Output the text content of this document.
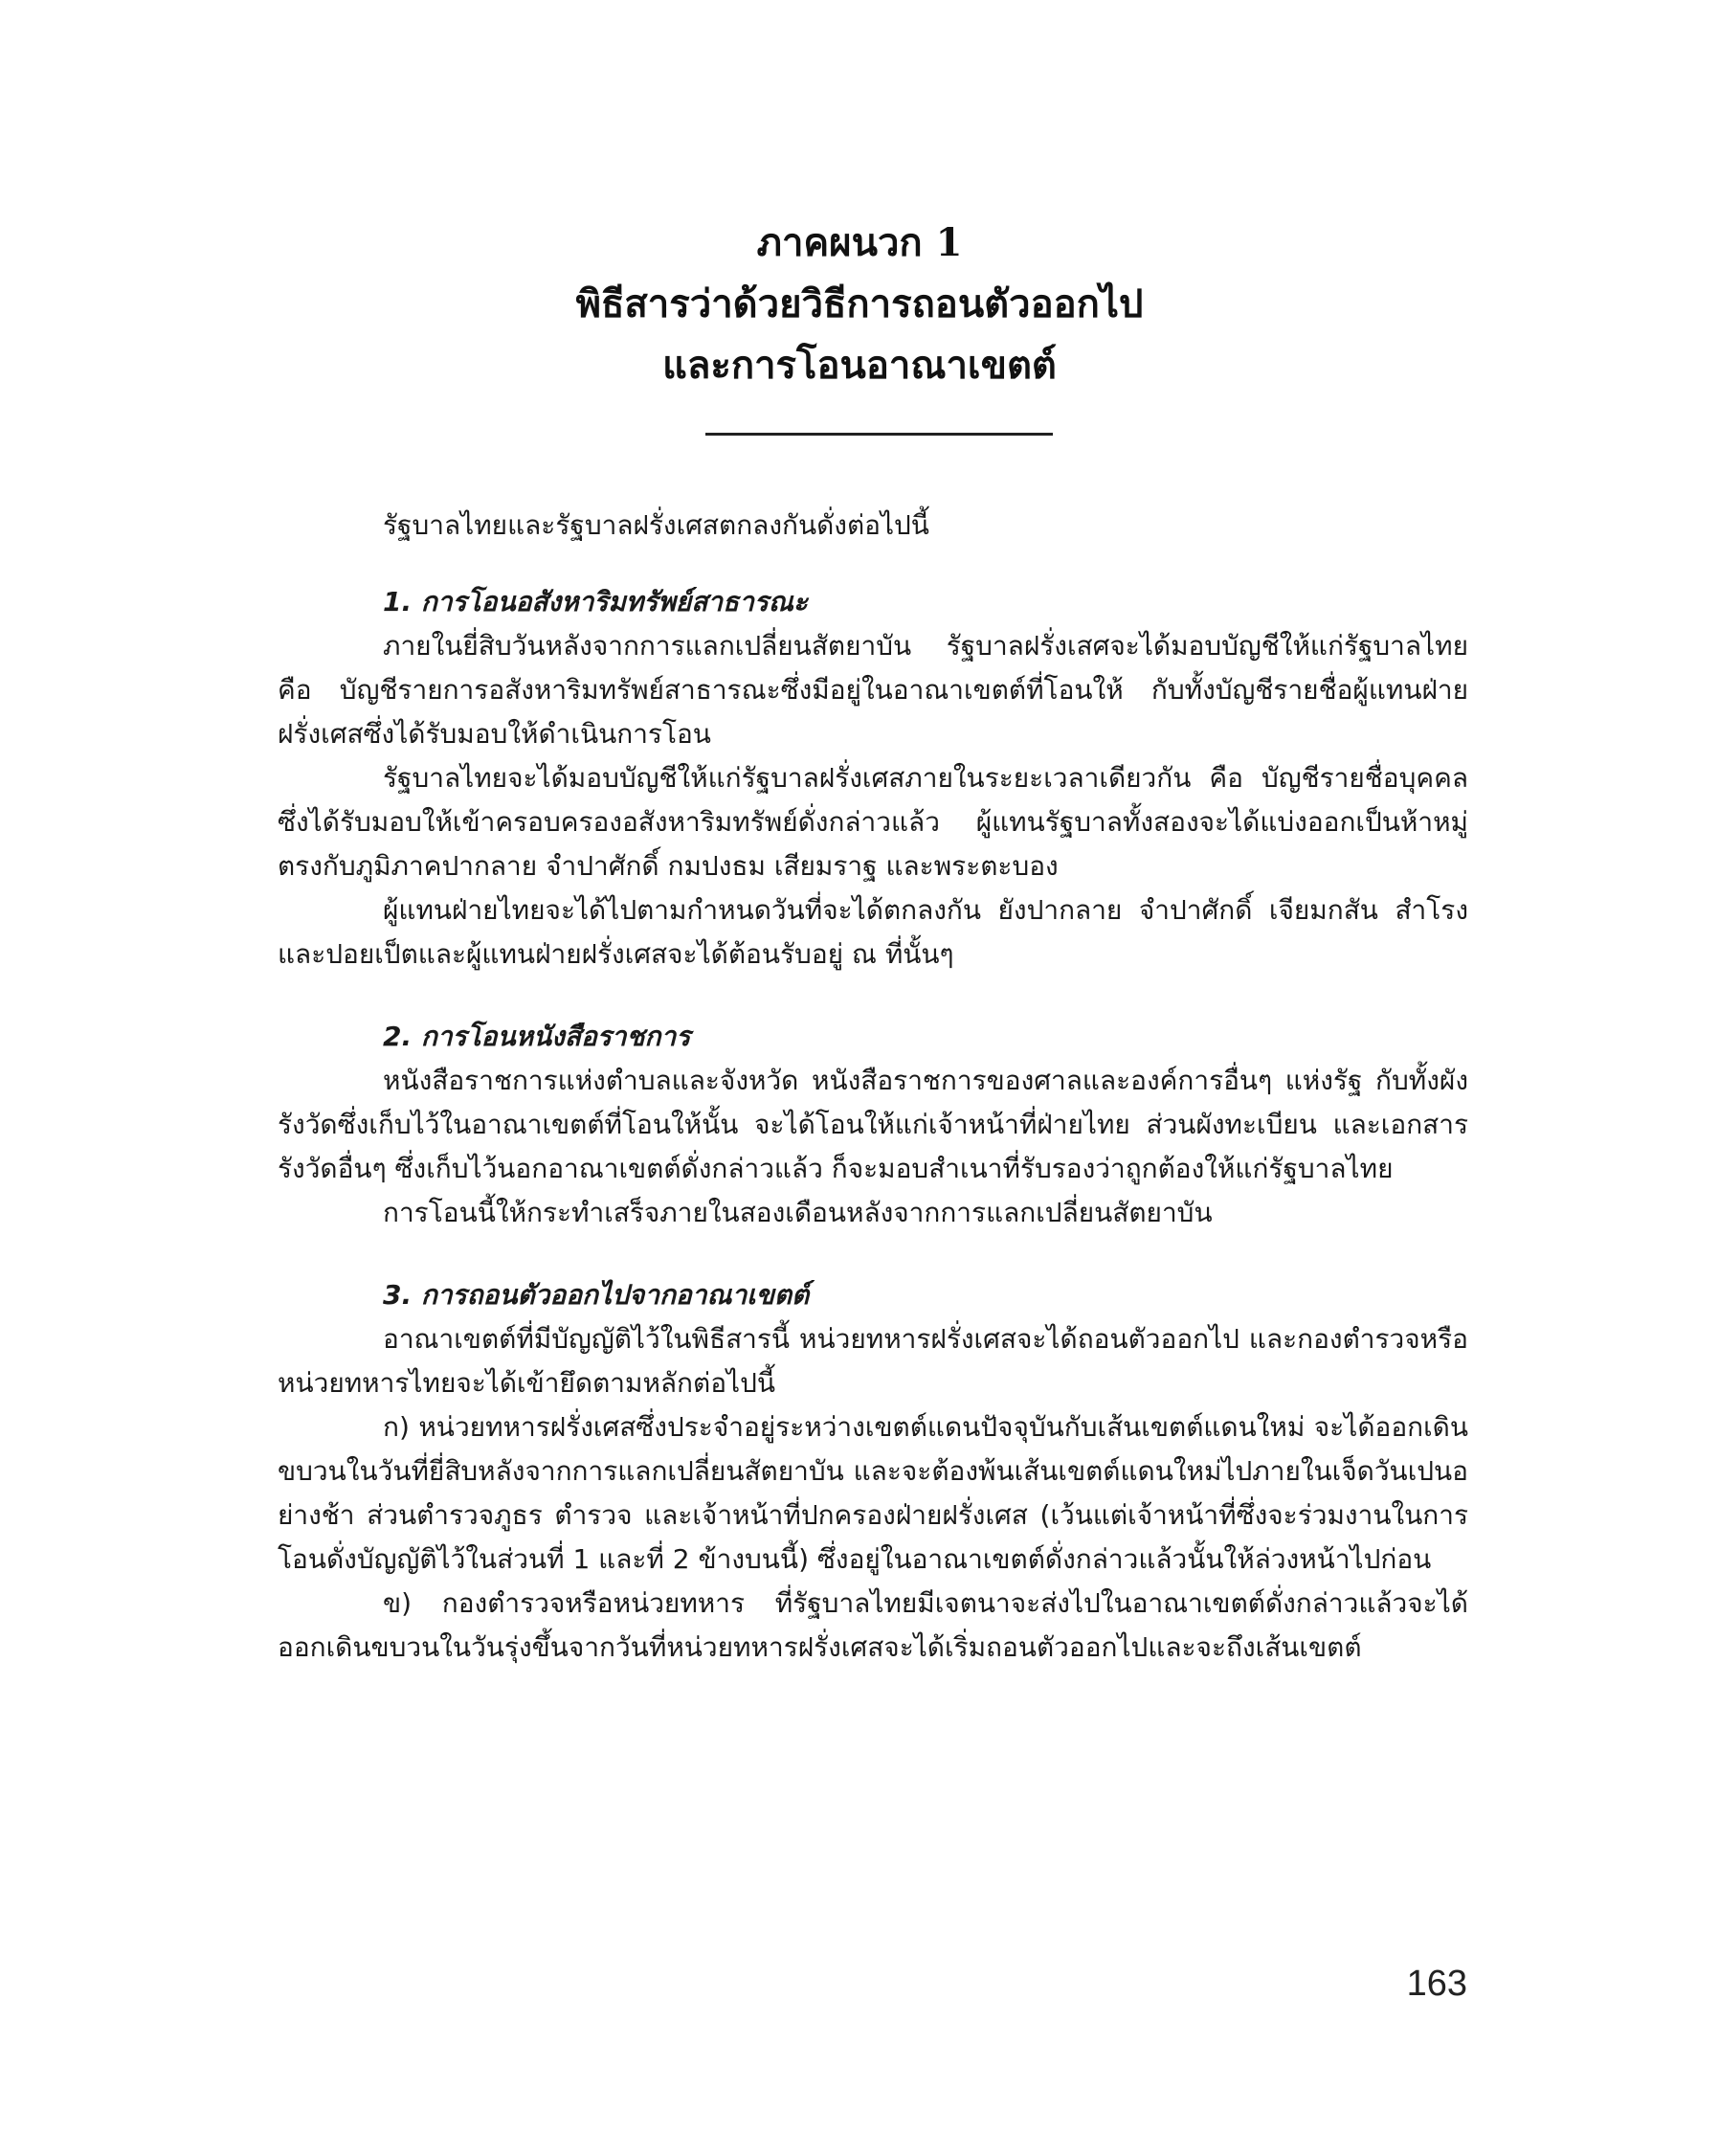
ภาคผนวก 1
พิธีสารว่าด้วยวิธีการถอนตัวออกไป
และการโอนอาณาเขตต์

รัฐบาลไทยและรัฐบาลฝรั่งเศสตกลงกันดั่งต่อไปนี้

1. การโอนอสังหาริมทรัพย์สาธารณะ

ภายในยี่สิบวันหลังจากการแลกเปลี่ยนสัตยาบัน รัฐบาลฝรั่งเสศจะได้มอบบัญชีให้แก่รัฐบาลไทย คือ บัญชีรายการอสังหาริมทรัพย์สาธารณะซึ่งมีอยู่ในอาณาเขตต์ที่โอนให้ กับทั้งบัญชีรายชื่อผู้แทนฝ่ายฝรั่งเศสซึ่งได้รับมอบให้ดำเนินการโอน

รัฐบาลไทยจะได้มอบบัญชีให้แก่รัฐบาลฝรั่งเศสภายในระยะเวลาเดียวกัน คือ บัญชีรายชื่อบุคคลซึ่งได้รับมอบให้เข้าครอบครองอสังหาริมทรัพย์ดั่งกล่าวแล้ว ผู้แทนรัฐบาลทั้งสองจะได้แบ่งออกเป็นห้าหมู่ ตรงกับภูมิภาคปากลาย จำปาศักดิ์ กมปงธม เสียมราฐ และพระตะบอง

ผู้แทนฝ่ายไทยจะได้ไปตามกำหนดวันที่จะได้ตกลงกัน ยังปากลาย จำปาศักดิ์ เจียมกสัน สำโรง และปอยเป็ตและผู้แทนฝ่ายฝรั่งเศสจะได้ต้อนรับอยู่ ณ ที่นั้นๆ

2. การโอนหนังสือราชการ

หนังสือราชการแห่งตำบลและจังหวัด หนังสือราชการของศาลและองค์การอื่นๆ แห่งรัฐ กับทั้งผังรังวัดซึ่งเก็บไว้ในอาณาเขตต์ที่โอนให้นั้น จะได้โอนให้แก่เจ้าหน้าที่ฝ่ายไทย ส่วนผังทะเบียน และเอกสารรังวัดอื่นๆ ซึ่งเก็บไว้นอกอาณาเขตต์ดั่งกล่าวแล้ว ก็จะมอบสำเนาที่รับรองว่าถูกต้องให้แก่รัฐบาลไทย

การโอนนี้ให้กระทำเสร็จภายในสองเดือนหลังจากการแลกเปลี่ยนสัตยาบัน

3. การถอนตัวออกไปจากอาณาเขตต์

อาณาเขตต์ที่มีบัญญัติไว้ในพิธีสารนี้ หน่วยทหารฝรั่งเศสจะได้ถอนตัวออกไป และกองตำรวจหรือหน่วยทหารไทยจะได้เข้ายึดตามหลักต่อไปนี้

ก) หน่วยทหารฝรั่งเศสซึ่งประจำอยู่ระหว่างเขตต์แดนปัจจุบันกับเส้นเขตต์แดนใหม่ จะได้ออกเดินขบวนในวันที่ยี่สิบหลังจากการแลกเปลี่ยนสัตยาบัน และจะต้องพ้นเส้นเขตต์แดนใหม่ไปภายในเจ็ดวันเปนอย่างช้า ส่วนตำรวจภูธร ตำรวจ และเจ้าหน้าที่ปกครองฝ่ายฝรั่งเศส (เว้นแต่เจ้าหน้าที่ซึ่งจะร่วมงานในการโอนดั่งบัญญัติไว้ในส่วนที่ 1 และที่ 2 ข้างบนนี้) ซึ่งอยู่ในอาณาเขตต์ดั่งกล่าวแล้วนั้นให้ล่วงหน้าไปก่อน

ข) กองตำรวจหรือหน่วยทหาร ที่รัฐบาลไทยมีเจตนาจะส่งไปในอาณาเขตต์ดั่งกล่าวแล้วจะได้ออกเดินขบวนในวันรุ่งขึ้นจากวันที่หน่วยทหารฝรั่งเศสจะได้เริ่มถอนตัวออกไปและจะถึงเส้นเขตต์

163
